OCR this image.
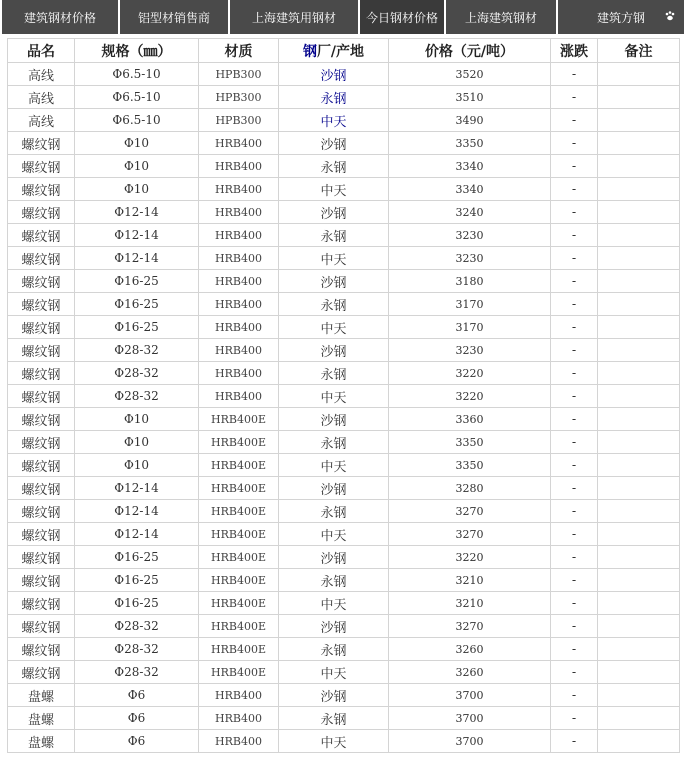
建筑钢材价格	铝型材销售商	上海建筑用钢材 今日钢材价格 上海建筑钢材	建筑方钢
品名	规格（㎜）	材质	钢厂/产地	价格（元/吨）	涨跌	备注
高线	Φ6.5-10	HPB300	沙钢	3520	-	
高线	Φ6.5-10	HPB300	永钢	3510	-	
高线	Φ6.5-10	HPB300	中天	3490	-	
螺纹钢	Φ10	HRB400	沙钢	3350	-	
螺纹钢	Φ10	HRB400	永钢	3340	-	
螺纹钢	Φ10	HRB400	中天	3340	-	
螺纹钢	Φ12-14	HRB400	沙钢	3240	-	
螺纹钢	Φ12-14	HRB400	永钢	3230	-	
螺纹钢	Φ12-14	HRB400	中天	3230	-	
螺纹钢	Φ16-25	HRB400	沙钢	3180	-	
螺纹钢	Φ16-25	HRB400	永钢	3170	-	
螺纹钢	Φ16-25	HRB400	中天	3170	-	
螺纹钢	Φ28-32	HRB400	沙钢	3230	-	
螺纹钢	Φ28-32	HRB400	永钢	3220	-	
螺纹钢	Φ28-32	HRB400	中天	3220	-	
螺纹钢	Φ10	HRB400E	沙钢	3360	-	
螺纹钢	Φ10	HRB400E	永钢	3350	-	
螺纹钢	Φ10	HRB400E	中天	3350	-	
螺纹钢	Φ12-14	HRB400E	沙钢	3280	-	
螺纹钢	Φ12-14	HRB400E	永钢	3270	-	
螺纹钢	Φ12-14	HRB400E	中天	3270	-	
螺纹钢	Φ16-25	HRB400E	沙钢	3220	-	
螺纹钢	Φ16-25	HRB400E	永钢	3210	-	
螺纹钢	Φ16-25	HRB400E	中天	3210	-	
螺纹钢	Φ28-32	HRB400E	沙钢	3270	-	
螺纹钢	Φ28-32	HRB400E	永钢	3260	-	
螺纹钢	Φ28-32	HRB400E	中天	3260	-	
盘螺	Φ6	HRB400	沙钢	3700	-	
盘螺	Φ6	HRB400	永钢	3700	-	
盘螺	Φ6	HRB400	中天	3700	-	
